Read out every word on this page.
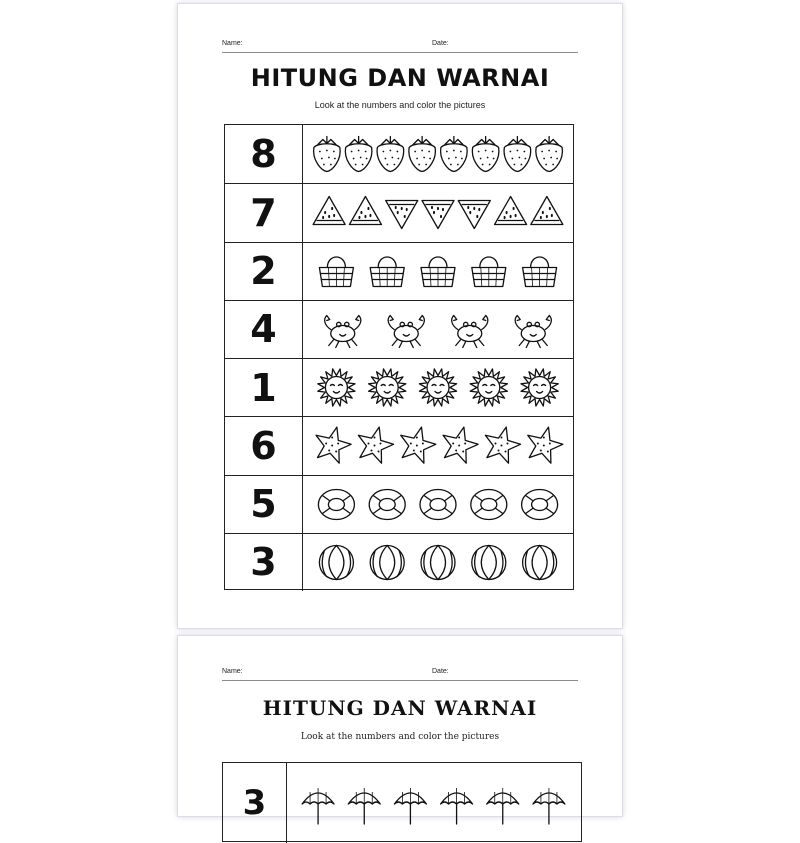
Name:	Date:
HITUNG DAN WARNAI
Look at the numbers and color the pictures
8
7
2
4
1
6
5
3
Name:	Date:
HITUNG DAN WARNAI
Look at the numbers and color the pictures
3
